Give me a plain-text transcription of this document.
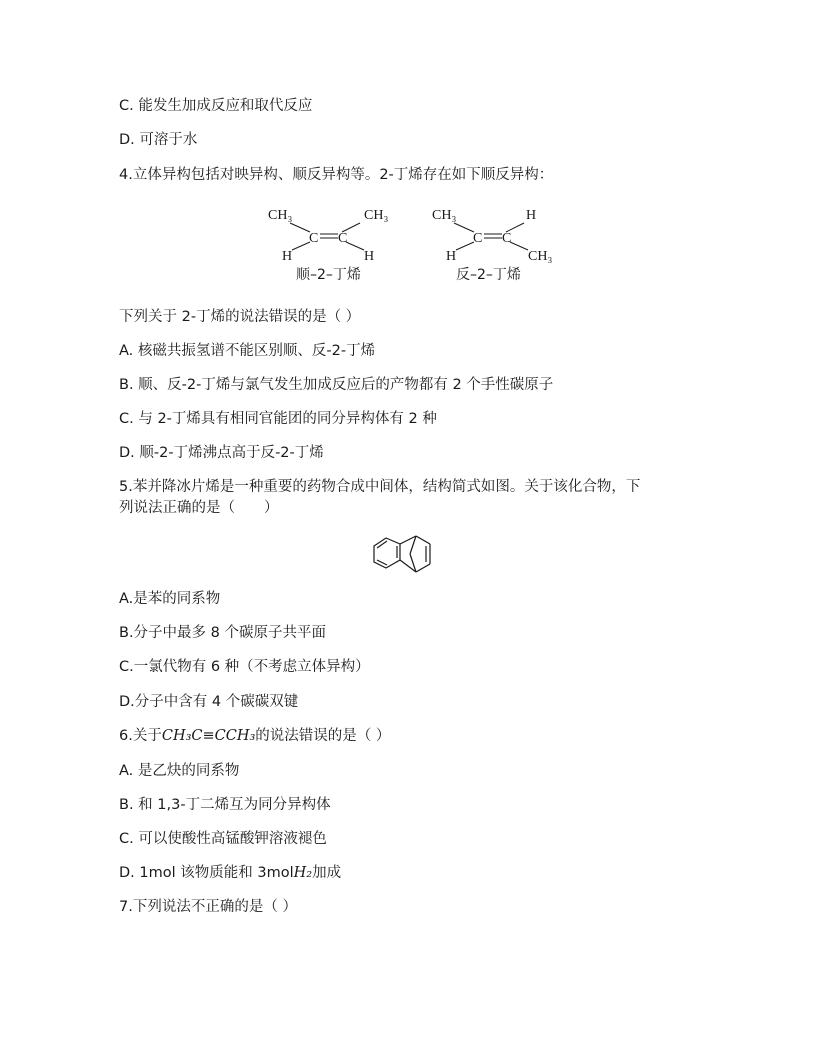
C. 能发生加成反应和取代反应
D. 可溶于水
4.立体异构包括对映异构、顺反异构等。2-丁烯存在如下顺反异构：
CH₃	CH₃
C C
H	H
顺–2–丁烯
CH₃	H
C C
H	CH₃
反–2–丁烯
下列关于 2-丁烯的说法错误的是（ ）
A. 核磁共振氢谱不能区别顺、反-2-丁烯
B. 顺、反-2-丁烯与氯气发生加成反应后的产物都有 2 个手性碳原子
C. 与 2-丁烯具有相同官能团的同分异构体有 2 种
D. 顺-2-丁烯沸点高于反-2-丁烯
5.苯并降冰片烯是一种重要的药物合成中间体，结构简式如图。关于该化合物，下
列说法正确的是（　　）
A.是苯的同系物
B.分子中最多 8 个碳原子共平面
C.一氯代物有 6 种（不考虑立体异构）
D.分子中含有 4 个碳碳双键
6.关于CH₃C≡CCH₃的说法错误的是（ ）
A. 是乙炔的同系物
B. 和 1,3-丁二烯互为同分异构体
C. 可以使酸性高锰酸钾溶液褪色
D. 1mol 该物质能和 3molH₂加成
7.下列说法不正确的是（ ）
